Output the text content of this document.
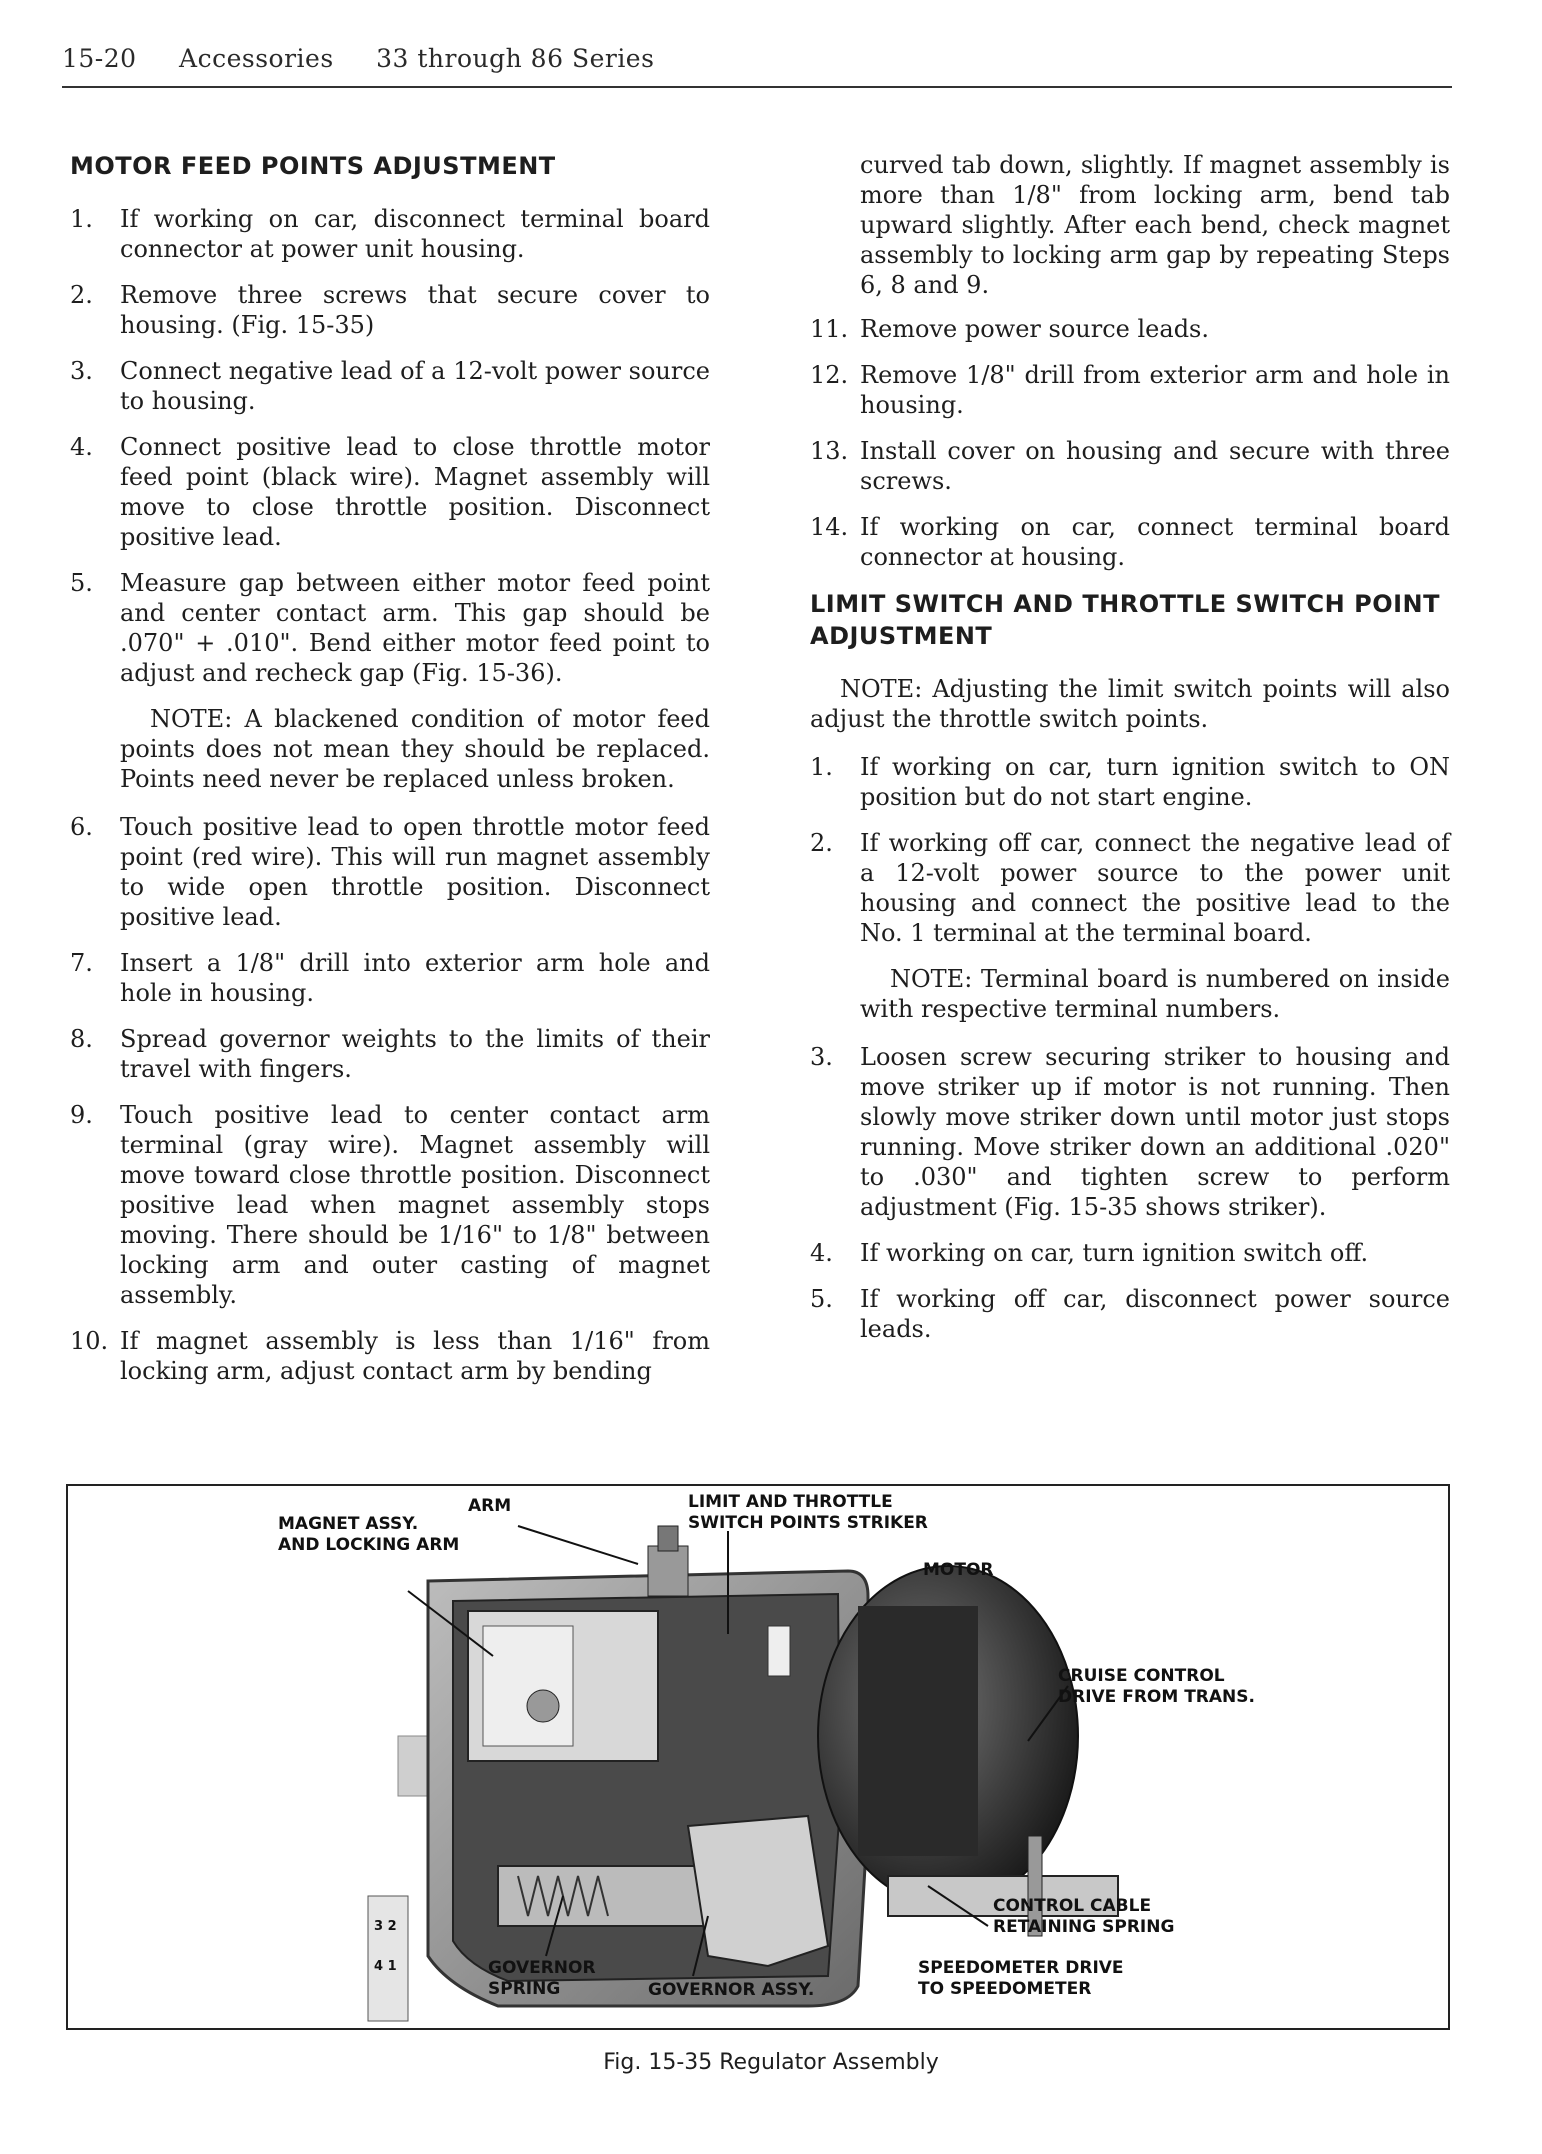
15-20 Accessories 33 through 86 Series
MOTOR FEED POINTS ADJUSTMENT
1.	If working on car, disconnect terminal board connector at power unit housing.
2.	Remove three screws that secure cover to housing. (Fig. 15-35)
3.	Connect negative lead of a 12-volt power source to housing.
4.	Connect positive lead to close throttle motor feed point (black wire). Magnet assembly will move to close throttle position. Disconnect positive lead.
5.	Measure gap between either motor feed point and center contact arm. This gap should be .070" + .010". Bend either motor feed point to adjust and recheck gap (Fig. 15-36).
NOTE: A blackened condition of motor feed points does not mean they should be replaced. Points need never be replaced unless broken.
6.	Touch positive lead to open throttle motor feed point (red wire). This will run magnet assembly to wide open throttle position. Disconnect positive lead.
7.	Insert a 1/8" drill into exterior arm hole and hole in housing.
8.	Spread governor weights to the limits of their travel with fingers.
9.	Touch positive lead to center contact arm terminal (gray wire). Magnet assembly will move toward close throttle position. Disconnect positive lead when magnet assembly stops moving. There should be 1/16" to 1/8" between locking arm and outer casting of magnet assembly.
10. If magnet assembly is less than 1/16" from locking arm, adjust contact arm by bending
curved tab down, slightly. If magnet assembly is more than 1/8" from locking arm, bend tab upward slightly. After each bend, check magnet assembly to locking arm gap by repeating Steps 6, 8 and 9.
11. Remove power source leads.
12. Remove 1/8" drill from exterior arm and hole in housing.
13. Install cover on housing and secure with three screws.
14. If working on car, connect terminal board connector at housing.
LIMIT SWITCH AND THROTTLE SWITCH POINT ADJUSTMENT
NOTE: Adjusting the limit switch points will also adjust the throttle switch points.
1.	If working on car, turn ignition switch to ON position but do not start engine.
2.	If working off car, connect the negative lead of a 12-volt power source to the power unit housing and connect the positive lead to the No. 1 terminal at the terminal board.
NOTE: Terminal board is numbered on inside with respective terminal numbers.
3.	Loosen screw securing striker to housing and move striker up if motor is not running. Then slowly move striker down until motor just stops running. Move striker down an additional .020" to .030" and tighten screw to perform adjustment (Fig. 15-35 shows striker).
4.	If working on car, turn ignition switch off.
5.	If working off car, disconnect power source leads.
ARM
MAGNET ASSY.
AND LOCKING ARM
LIMIT AND THROTTLE
SWITCH POINTS STRIKER
MOTOR
CRUISE CONTROL
DRIVE FROM TRANS.
CONTROL CABLE
RETAINING SPRING
SPEEDOMETER DRIVE
TO SPEEDOMETER
GOVERNOR
SPRING	GOVERNOR ASSY.
3 2
4 1
Fig. 15-35 Regulator Assembly
